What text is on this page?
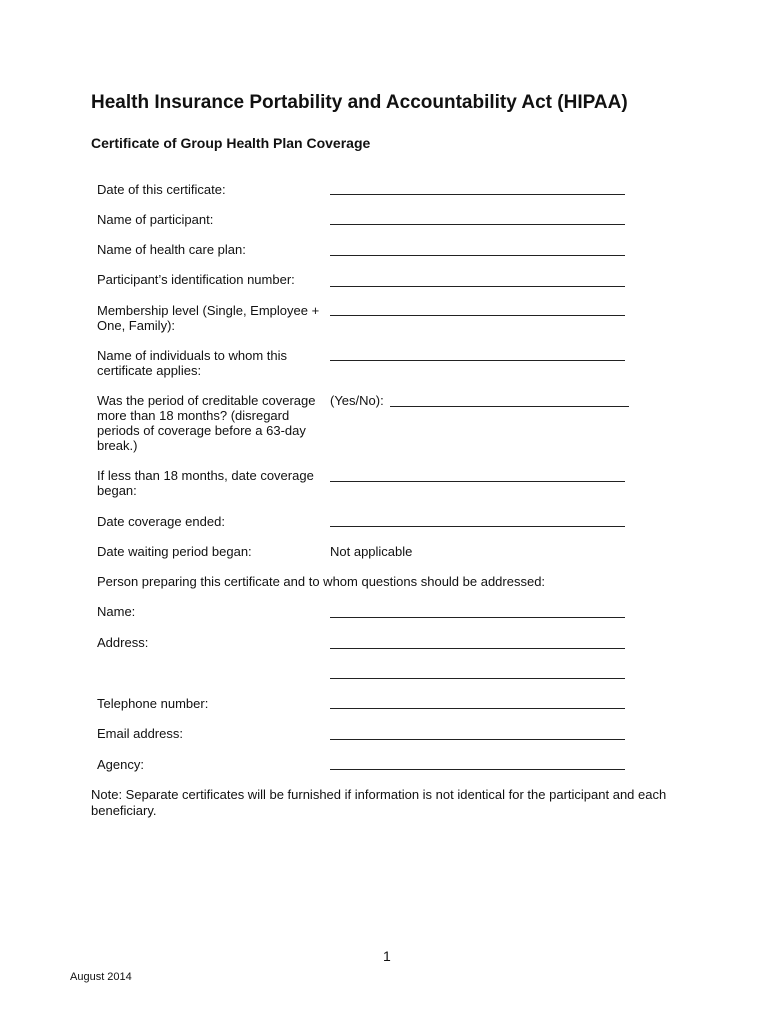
Health Insurance Portability and Accountability Act (HIPAA)
Certificate of Group Health Plan Coverage
Date of this certificate:
Name of participant:
Name of health care plan:
Participant’s identification number:
Membership level (Single, Employee +
One, Family):
Name of individuals to whom this
certificate applies:
Was the period of creditable coverage
more than 18 months? (disregard
periods of coverage before a 63-day
break.)
(Yes/No):
If less than 18 months, date coverage
began:
Date coverage ended:
Date waiting period began:	Not applicable
Person preparing this certificate and to whom questions should be addressed:
Name:
Address:
Telephone number:
Email address:
Agency:
Note: Separate certificates will be furnished if information is not identical for the participant and each beneficiary.
1
August 2014
